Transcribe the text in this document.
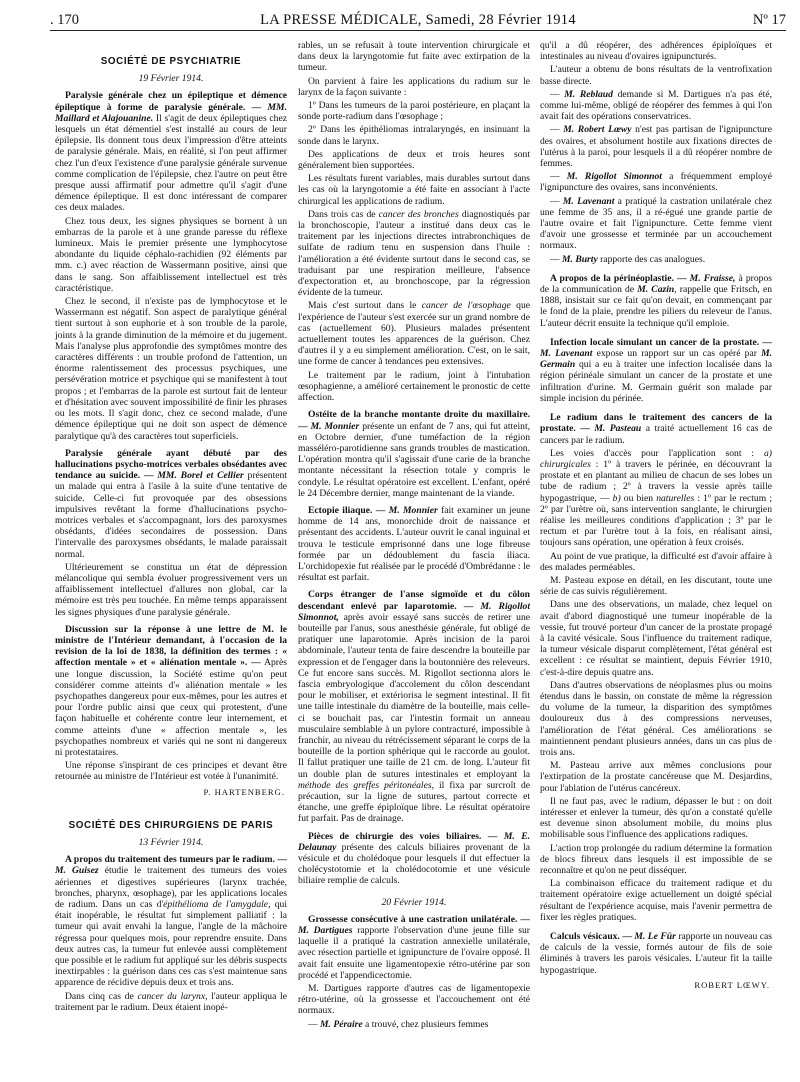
. 170	LA PRESSE MÉDICALE, Samedi, 28 Février 1914	Nº 17
SOCIÉTÉ DE PSYCHIATRIE
19 Février 1914.

Paralysie générale chez un épileptique et démence épileptique à forme de paralysie générale. — MM. Maillard et Alajouanine. Il s'agit de deux épileptiques chez lesquels un état démentiel s'est installé au cours de leur épilepsie. Ils donnent tous deux l'impression d'être atteints de paralysie générale. Mais, en réalité, si l'on peut affirmer chez l'un d'eux l'existence d'une paralysie générale survenue comme complication de l'épilepsie, chez l'autre on peut être presque aussi affirmatif pour admettre qu'il s'agit d'une démence épileptique. Il est donc intéressant de comparer ces deux malades.

Chez tous deux, les signes physiques se bornent à un embarras de la parole et à une grande paresse du réflexe lumineux. Mais le premier présente une lymphocytose abondante du liquide céphalo-rachidien (92 éléments par mm. c.) avec réaction de Wassermann positive, ainsi que dans le sang. Son affaiblissement intellectuel est très caractéristique.

Chez le second, il n'existe pas de lymphocytose et le Wassermann est négatif. Son aspect de paralytique général tient surtout à son euphorie et à son trouble de la parole, joints à la grande diminution de la mémoire et du jugement. Mais l'analyse plus approfondie des symptômes montre des caractères différents : un trouble profond de l'attention, un énorme ralentissement des processus psychiques, une persévération motrice et psychique qui se manifestent à tout propos ; et l'embarras de la parole est surtout fait de lenteur et d'hésitation avec souvent impossibilité de finir les phrases ou les mots. Il s'agit donc, chez ce second malade, d'une démence épileptique qui ne doit son aspect de démence paralytique qu'à des caractères tout superficiels.

Paralysie générale ayant débuté par des hallucinations psycho-motrices verbales obsédantes avec tendance au suicide. — MM. Borel et Cellier présentent un malade qui entra à l'asile à la suite d'une tentative de suicide. Celle-ci fut provoquée par des obsessions impulsives revêtant la forme d'hallucinations psycho-motrices verbales et s'accompagnant, lors des paroxysmes obsédants, d'idées secondaires de possession. Dans l'intervalle des paroxysmes obsédants, le malade paraissait normal.

Ultérieurement se constitua un état de dépression mélancolique qui sembla évoluer progressivement vers un affaiblissement intellectuel d'allures non global, car la mémoire est très peu touchée. En même temps apparaissent les signes physiques d'une paralysie générale.

Discussion sur la réponse à une lettre de M. le ministre de l'Intérieur demandant, à l'occasion de la revision de la loi de 1838, la définition des termes : « affection mentale » et « aliénation mentale ». — Après une longue discussion, la Société estime qu'on peut considérer comme atteints d'« aliénation mentale » les psychopathes dangereux pour eux-mêmes, pour les autres et pour l'ordre public ainsi que ceux qui protestent, d'une façon habituelle et cohérente contre leur internement, et comme atteints d'une « affection mentale », les psychopathes nombreux et variés qui ne sont ni dangereux ni protestataires.

Une réponse s'inspirant de ces principes et devant être retournée au ministre de l'Intérieur est votée à l'unanimité.

P. HARTENBERG.
SOCIÉTÉ DES CHIRURGIENS DE PARIS
13 Février 1914.

A propos du traitement des tumeurs par le radium. — M. Guisez étudie le traitement des tumeurs des voies aériennes et digestives supérieures (larynx trachée, bronches, pharynx, œsophage), par les applications locales de radium. Dans un cas d'épithélioma de l'amygdale, qui était inopérable, le résultat fut simplement palliatif : la tumeur qui avait envahi la langue, l'angle de la mâchoire régressa pour quelques mois, pour reprendre ensuite. Dans deux autres cas, la tumeur fut enlevée aussi complètement que possible et le radium fut appliqué sur les débris suspects inextirpables : la guérison dans ces cas s'est maintenue sans apparence de récidive depuis deux et trois ans.

Dans cinq cas de cancer du larynx, l'auteur appliqua le traitement par le radium. Deux étaient inopé-

rables, un se refusait à toute intervention chirurgicale et dans deux la laryngotomie fut faite avec extirpation de la tumeur.

On parvient à faire les applications du radium sur le larynx de la façon suivante :

1º Dans les tumeurs de la paroi postérieure, en plaçant la sonde porte-radium dans l'œsophage ;

2º Dans les épithéliomas intralaryngés, en insinuant la sonde dans le larynx.

Des applications de deux et trois heures sont généralement bien supportées.

Les résultats furent variables, mais durables surtout dans les cas où la laryngotomie a été faite en associant à l'acte chirurgical les applications de radium.

Dans trois cas de cancer des bronches diagnostiqués par la bronchoscopie, l'auteur a institué dans deux cas le traitement par les injections directes intrabronchiques de sulfate de radium tenu en suspension dans l'huile : l'amélioration a été évidente surtout dans le second cas, se traduisant par une respiration meilleure, l'absence d'expectoration et, au bronchoscope, par la régression évidente de la tumeur.

Mais c'est surtout dans le cancer de l'œsophage que l'expérience de l'auteur s'est exercée sur un grand nombre de cas (actuellement 60). Plusieurs malades présentent actuellement toutes les apparences de la guérison. Chez d'autres il y a eu simplement amélioration. C'est, on le sait, une forme de cancer à tendances peu extensives.

Le traitement par le radium, joint à l'intubation œsophagienne, a amélioré certainement le pronostic de cette affection.

Ostéite de la branche montante droite du maxillaire. — M. Monnier présente un enfant de 7 ans, qui fut atteint, en Octobre dernier, d'une tuméfaction de la région masséléro-parotidienne sans grands troubles de mastication. L'opération montra qu'il s'agissait d'une carie de la branche montante nécessitant la résection totale y compris le condyle. Le résultat opératoire est excellent. L'enfant, opéré le 24 Décembre dernier, mange maintenant de la viande.

Ectopie iliaque. — M. Monnier fait examiner un jeune homme de 14 ans, monorchide droit de naissance et présentant des accidents. L'auteur ouvrit le canal inguinal et trouva le testicule emprisonné dans une loge fibreuse formée par un dédoublement du fascia iliaca. L'orchidopexie fut réalisée par le procédé d'Ombrédanne : le résultat est parfait.

Corps étranger de l'anse sigmoïde et du côlon descendant enlevé par laparotomie. — M. Rigollot Simonnot, après avoir essayé sans succès de retirer une bouteille par l'anus, sous anesthésie générale, fut obligé de pratiquer une laparotomie. Après incision de la paroi abdominale, l'auteur tenta de faire descendre la bouteille par expression et de l'engager dans la boutonnière des releveurs. Ce fut encore sans succès. M. Rigollot sectionna alors le fascia embryologique d'accolement du côlon descendant pour le mobiliser, et extériorisa le segment intestinal. Il fit une taille intestinale du diamètre de la bouteille, mais celle-ci se bouchait pas, car l'intestin formait un anneau musculaire semblable à un pylore contracturé, impossible à franchir, au niveau du rétrécissement séparant le corps de la bouteille de la portion sphérique qui le raccorde au goulot. Il fallut pratiquer une taille de 21 cm. de long. L'auteur fit un double plan de sutures intestinales et employant la méthode des greffes péritonéales, il fixa par surcroît de précaution, sur la ligne de sutures, partout correcte et étanche, une greffe épiploïque libre. Le résultat opératoire fut parfait. Pas de drainage.

Pièces de chirurgie des voies biliaires. — M. E. Delaunay présente des calculs biliaires provenant de la vésicule et du cholédoque pour lesquels il dut effectuer la cholécystotomie et la cholédocotomie et une vésicule biliaire remplie de calculs.

20 Février 1914.

Grossesse consécutive à une castration unilatérale. — M. Dartigues rapporte l'observation d'une jeune fille sur laquelle il a pratiqué la castration annexielle unilatérale, avec résection partielle et ignipuncture de l'ovaire opposé. Il avait fait ensuite une ligamentopexie rétro-utérine par son procédé et l'appendicectomie.

M. Dartigues rapporte d'autres cas de ligamentopexie rétro-utérine, où la grossesse et l'accouchement ont été normaux.

— M. Péraire a trouvé, chez plusieurs femmes

qu'il a dû réopérer, des adhérences épiploïques et intestinales au niveau d'ovaires ignipuncturés.

L'auteur a obtenu de bons résultats de la ventrofixation basse directe.

— M. Reblaud demande si M. Dartigues n'a pas été, comme lui-même, obligé de réopérer des femmes à qui l'on avait fait des opérations conservatrices.

— M. Robert Lœwy n'est pas partisan de l'ignipuncture des ovaires, et absolument hostile aux fixations directes de l'utérus à la paroi, pour lesquels il a dû réopérer nombre de femmes.

— M. Rigollot Simonnot a fréquemment employé l'ignipuncture des ovaires, sans inconvénients.

— M. Lavenant a pratiqué la castration unilatérale chez une femme de 35 ans, il a ré-égué une grande partie de l'autre ovaire et fait l'ignipuncture. Cette femme vient d'avoir une grossesse et terminée par un accouchement normaux.

— M. Burty rapporte des cas analogues.

A propos de la périnéoplastie. — M. Fraisse, à propos de la communication de M. Cazin, rappelle que Fritsch, en 1888, insistait sur ce fait qu'on devait, en commençant par le fond de la plaie, prendre les piliers du releveur de l'anus. L'auteur décrit ensuite la technique qu'il emploie.

Infection locale simulant un cancer de la prostate. — M. Lavenant expose un rapport sur un cas opéré par M. Germain qui a eu à traiter une infection localisée dans la région périnéale simulant un cancer de la prostate et une infiltration d'urine. M. Germain guérit son malade par simple incision du périnée.

Le radium dans le traitement des cancers de la prostate. — M. Pasteau a traité actuellement 16 cas de cancers par le radium.

Les voies d'accès pour l'application sont : a) chirurgicales : 1º à travers le périnée, en découvrant la prostate et en plantant au milieu de chacun de ses lobes un tube de radium ; 2º à travers la vessie après taille hypogastrique, — b) ou bien naturelles : 1º par le rectum ; 2º par l'urètre où, sans intervention sanglante, le chirurgien réalise les meilleures conditions d'application ; 3º par le rectum et par l'urètre tout à la fois, en réalisant ainsi, toujours sans opération, une opération à feux croisés.

Au point de vue pratique, la difficulté est d'avoir affaire à des malades perméables.

M. Pasteau expose en détail, en les discutant, toute une série de cas suivis régulièrement.

Dans une des observations, un malade, chez lequel on avait d'abord diagnostiqué une tumeur inopérable de la vessie, fut trouvé porteur d'un cancer de la prostate propagé à la cavité vésicale. Sous l'influence du traitement radique, la tumeur vésicale disparut complètement, l'état général est excellent : ce résultat se maintient, depuis Février 1910, c'est-à-dire depuis quatre ans.

Dans d'autres observations de néoplasmes plus ou moins étendus dans le bassin, on constate de même la régression du volume de la tumeur, la disparition des symptômes douloureux dus à des compressions nerveuses, l'amélioration de l'état général. Ces améliorations se maintiennent pendant plusieurs années, dans un cas plus de trois ans.

M. Pasteau arrive aux mêmes conclusions pour l'extirpation de la prostate cancéreuse que M. Desjardins, pour l'ablation de l'utérus cancéreux.

Il ne faut pas, avec le radium, dépasser le but : on doit intéresser et enlever la tumeur, dès qu'on a constaté qu'elle est devenue sinon absolument mobile, du moins plus mobilisable sous l'influence des applications radiques.

L'action trop prolongée du radium détermine la formation de blocs fibreux dans lesquels il est impossible de se reconnaître et qu'on ne peut disséquer.

La combinaison efficace du traitement radique et du traitement opératoire exige actuellement un doigté spécial résultant de l'expérience acquise, mais l'avenir permettra de fixer les règles pratiques.

Calculs vésicaux. — M. Le Für rapporte un nouveau cas de calculs de la vessie, formés autour de fils de soie éliminés à travers les parois vésicales. L'auteur fit la taille hypogastrique.

ROBERT LŒWY.
